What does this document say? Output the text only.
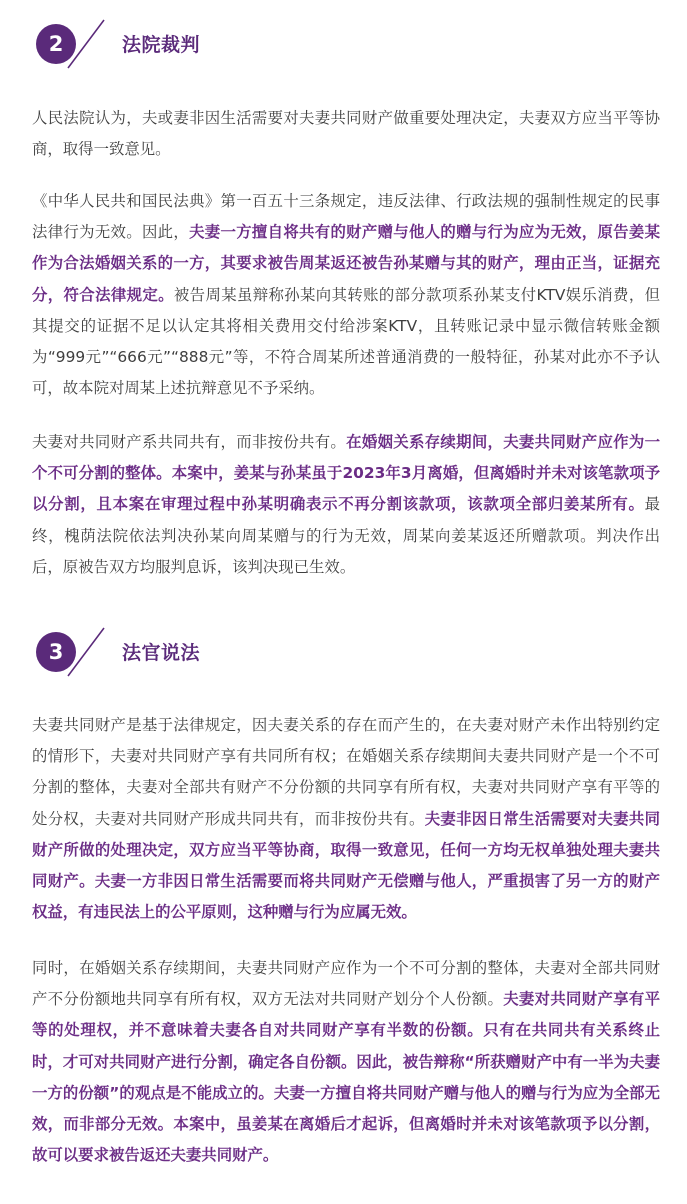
2	法院裁判

人民法院认为，夫或妻非因生活需要对夫妻共同财产做重要处理决定，夫妻双方应当平等协商，取得一致意见。

《中华人民共和国民法典》第一百五十三条规定，违反法律、行政法规的强制性规定的民事法律行为无效。因此，夫妻一方擅自将共有的财产赠与他人的赠与行为应为无效，原告姜某作为合法婚姻关系的一方，其要求被告周某返还被告孙某赠与其的财产，理由正当，证据充分，符合法律规定。被告周某虽辩称孙某向其转账的部分款项系孙某支付KTV娱乐消费，但其提交的证据不足以认定其将相关费用交付给涉案KTV，且转账记录中显示微信转账金额为“999元”“666元”“888元”等，不符合周某所述普通消费的一般特征，孙某对此亦不予认可，故本院对周某上述抗辩意见不予采纳。

夫妻对共同财产系共同共有，而非按份共有。在婚姻关系存续期间，夫妻共同财产应作为一个不可分割的整体。本案中，姜某与孙某虽于2023年3月离婚，但离婚时并未对该笔款项予以分割，且本案在审理过程中孙某明确表示不再分割该款项，该款项全部归姜某所有。最终，槐荫法院依法判决孙某向周某赠与的行为无效，周某向姜某返还所赠款项。判决作出后，原被告双方均服判息诉，该判决现已生效。

3	法官说法

夫妻共同财产是基于法律规定，因夫妻关系的存在而产生的，在夫妻对财产未作出特别约定的情形下，夫妻对共同财产享有共同所有权；在婚姻关系存续期间夫妻共同财产是一个不可分割的整体，夫妻对全部共有财产不分份额的共同享有所有权，夫妻对共同财产享有平等的处分权，夫妻对共同财产形成共同共有，而非按份共有。夫妻非因日常生活需要对夫妻共同财产所做的处理决定，双方应当平等协商，取得一致意见，任何一方均无权单独处理夫妻共同财产。夫妻一方非因日常生活需要而将共同财产无偿赠与他人，严重损害了另一方的财产权益，有违民法上的公平原则，这种赠与行为应属无效。

同时，在婚姻关系存续期间，夫妻共同财产应作为一个不可分割的整体，夫妻对全部共同财产不分份额地共同享有所有权，双方无法对共同财产划分个人份额。夫妻对共同财产享有平等的处理权，并不意味着夫妻各自对共同财产享有半数的份额。只有在共同共有关系终止时，才可对共同财产进行分割，确定各自份额。因此，被告辩称“所获赠财产中有一半为夫妻一方的份额”的观点是不能成立的。夫妻一方擅自将共同财产赠与他人的赠与行为应为全部无效，而非部分无效。本案中，虽姜某在离婚后才起诉，但离婚时并未对该笔款项予以分割，故可以要求被告返还夫妻共同财产。
